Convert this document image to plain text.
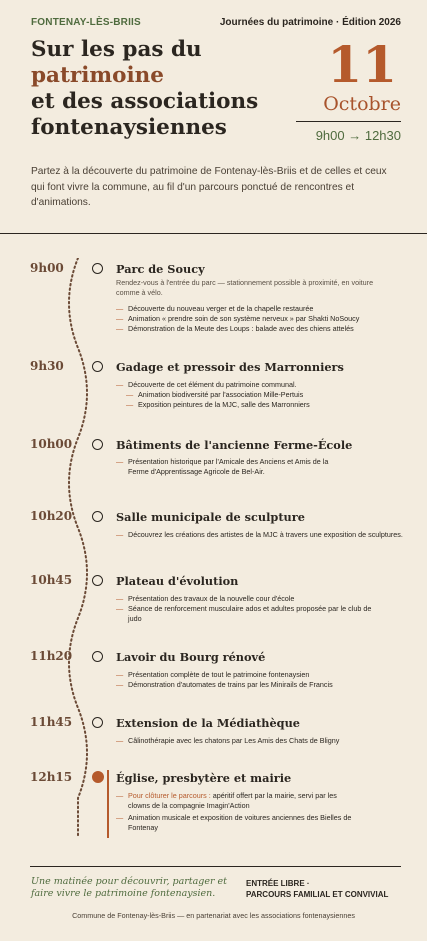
FONTENAY-LÈS-BRIIS	Journées du patrimoine · Édition 2026
Sur les pas du
patrimoine
et des associations
fontenaysiennes
11
Octobre
9h00 → 12h30
Partez à la découverte du patrimoine de Fontenay-lès-Briis et de celles et ceux qui font vivre la commune, au fil d'un parcours ponctué de rencontres et d'animations.
9h00	Parc de Soucy
Rendez-vous à l'entrée du parc — stationnement possible à proximité, en voiture comme à vélo.
— Découverte du nouveau verger et de la chapelle restaurée
— Animation « prendre soin de son système nerveux » par Shakti NoSoucy
— Démonstration de la Meute des Loups : balade avec des chiens attelés
9h30	Gadage et pressoir des Marronniers
— Découverte de cet élément du patrimoine communal.
— Animation biodiversité par l'association Mille-Pertuis
— Exposition peintures de la MJC, salle des Marronniers
10h00	Bâtiments de l'ancienne Ferme-École
— Présentation historique par l'Amicale des Anciens et Amis de la Ferme d'Apprentissage Agricole de Bel-Air.
10h20	Salle municipale de sculpture
— Découvrez les créations des artistes de la MJC à travers une exposition de sculptures.
10h45	Plateau d'évolution
— Présentation des travaux de la nouvelle cour d'école
— Séance de renforcement musculaire ados et adultes proposée par le club de judo
11h20	Lavoir du Bourg rénové
— Présentation complète de tout le patrimoine fontenaysien
— Démonstration d'automates de trains par les Minirails de Francis
11h45	Extension de la Médiathèque
— Câlinothérapie avec les chatons par Les Amis des Chats de Bligny
12h15	Église, presbytère et mairie
— Pour clôturer le parcours : apéritif offert par la mairie, servi par les clowns de la compagnie Imagin'Action
— Animation musicale et exposition de voitures anciennes des Bielles de Fontenay
Une matinée pour découvrir, partager et faire vivre le patrimoine fontenaysien.
ENTRÉE LIBRE ·
PARCOURS FAMILIAL ET CONVIVIAL
Commune de Fontenay-lès-Briis — en partenariat avec les associations fontenaysiennes
